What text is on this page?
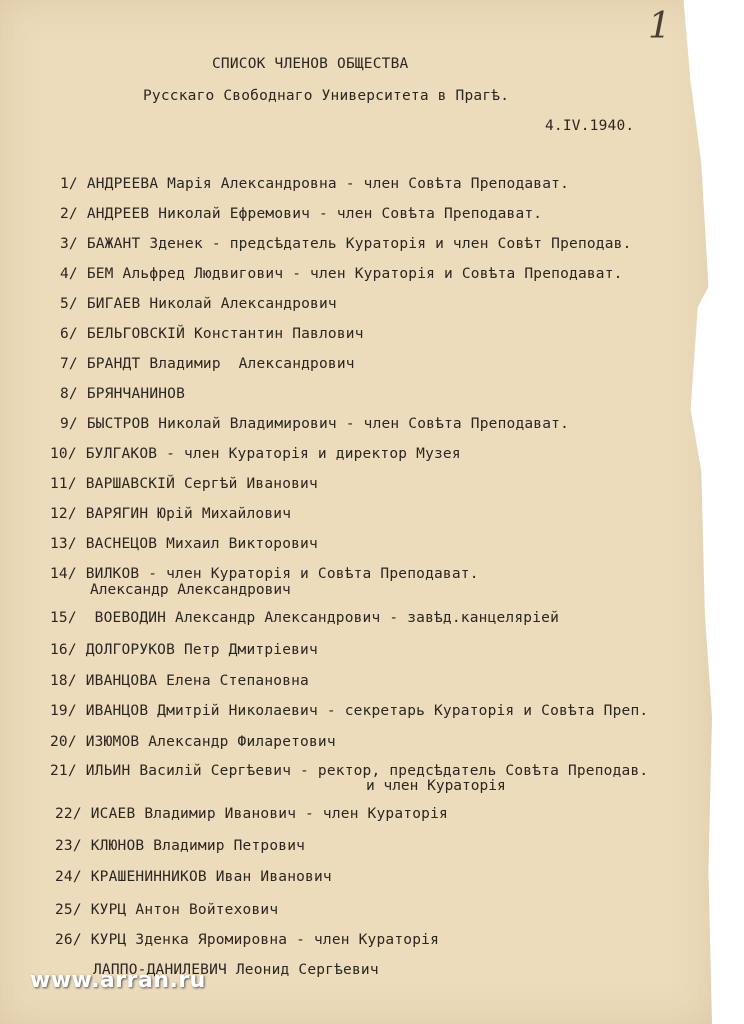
1
СПИСОК ЧЛЕНОВ ОБЩЕСТВА
Русскаго Свободнаго Университета в Прагѣ.
4.IV.1940.
1/ АНДРЕЕВА Марія Александровна - член Совѣта Преподават.
2/ АНДРЕЕВ Николай Ефремович - член Совѣта Преподават.
3/ БАЖАНТ Зденек - предсѣдатель Кураторія и член Совѣт Преподав.
4/ БЕМ Альфред Людвигович - член Кураторія и Совѣта Преподават.
5/ БИГАЕВ Николай Александрович
6/ БЕЛЬГОВСКІЙ Константин Павлович
7/ БРАНДТ Владимир  Александрович
8/ БРЯНЧАНИНОВ
9/ БЫСТРОВ Николай Владимирович - член Совѣта Преподават.
10/ БУЛГАКОВ - член Кураторія и директор Музея
11/ ВАРШАВСКІЙ Сергѣй Иванович
12/ ВАРЯГИН Юрій Михайлович
13/ ВАСНЕЦОВ Михаил Викторович
14/ ВИЛКОВ - член Кураторія и Совѣта Преподават.
Александр Александрович
15/  ВОЕВОДИН Александр Александрович - завѣд.канцеляріей
16/ ДОЛГОРУКОВ Петр Дмитріевич
18/ ИВАНЦОВА Елена Степановна
19/ ИВАНЦОВ Дмитрій Николаевич - секретарь Кураторія и Совѣта Преп.
20/ ИЗЮМОВ Александр Филаретович
21/ ИЛЬИН Василій Сергѣевич - ректор, предсѣдатель Совѣта Преподав.
и член Кураторія
22/ ИСАЕВ Владимир Иванович - член Кураторія
23/ КЛЮНОВ Владимир Петрович
24/ КРАШЕНИННИКОВ Иван Иванович
25/ КУРЦ Антон Войтехович
26/ КУРЦ Зденка Яромировна - член Кураторія
ЛАППО-ДАНИЛЕВИЧ Леонид Сергѣевич
www.arran.ru
